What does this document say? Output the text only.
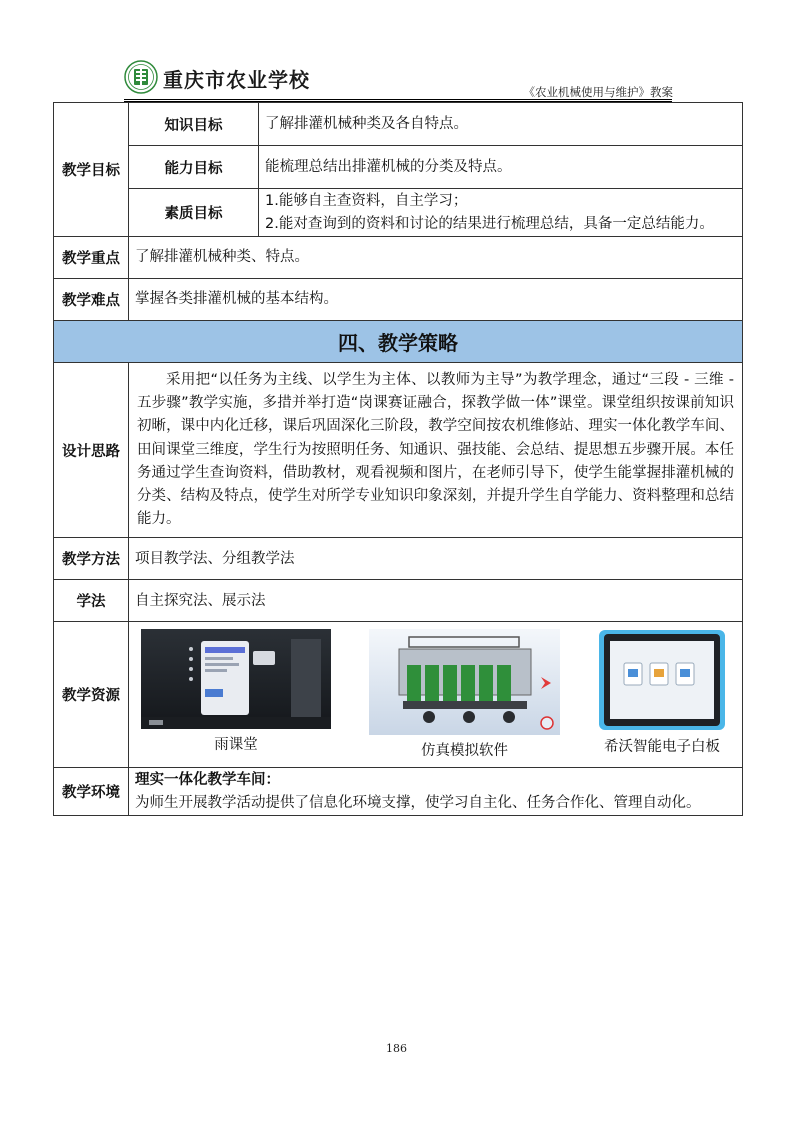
重庆市农业学校	《农业机械使用与维护》教案
教学目标	知识目标	了解排灌机械种类及各自特点。
	能力目标	能梳理总结出排灌机械的分类及特点。
	素质目标	1.能够自主查资料，自主学习；
2.能对查询到的资料和讨论的结果进行梳理总结，具备一定总结能力。

教学重点	了解排灌机械种类、特点。	
教学难点	掌握各类排灌机械的基本结构。	
四、教学策略		
设计思路	采用把“以任务为主线、以学生为主体、以教师为主导”为教学理念，通过“三段 - 三维 - 五步骤”教学实施，多措并举打造“岗课赛证融合，探教学做一体”课堂。课堂组织按课前知识初晰，课中内化迁移，课后巩固深化三阶段，教学空间按农机维修站、理实一体化教学车间、田间课堂三维度，学生行为按照明任务、知通识、强技能、会总结、提思想五步骤开展。本任务通过学生查询资料，借助教材，观看视频和图片，在老师引导下，使学生能掌握排灌机械的分类、结构及特点，使学生对所学专业知识印象深刻，并提升学生自学能力、资料整理和总结能力。	
教学方法	项目教学法、分组教学法	
学法	自主探究法、展示法	
教学资源	雨课堂 仿真模拟软件 希沃智能电子白板	

教学环境	理实一体化教学车间：
为师生开展教学活动提供了信息化环境支撑，使学习自主化、任务合作化、管理自动化。	
186
